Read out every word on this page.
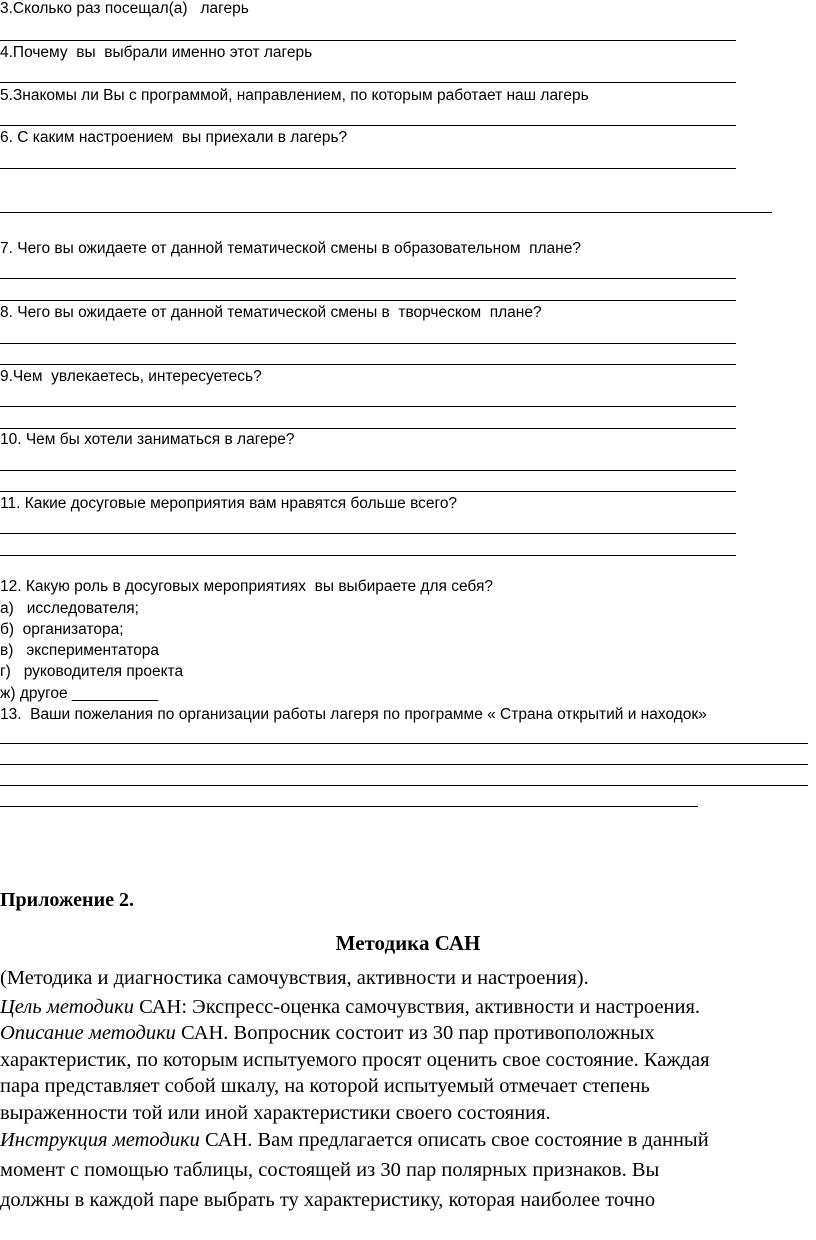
3.Сколько раз посещал(а)   лагерь

4.Почему  вы  выбрали именно этот лагерь

5.Знакомы ли Вы с программой, направлением, по которым работает наш лагерь

6. С каким настроением  вы приехали в лагерь?

7. Чего вы ожидаете от данной тематической смены в образовательном  плане?

8. Чего вы ожидаете от данной тематической смены в  творческом  плане?

9.Чем  увлекаетесь, интересуетесь?

10. Чем бы хотели заниматься в лагере?

11. Какие досуговые мероприятия вам нравятся больше всего?

12. Какую роль в досуговых мероприятиях  вы выбираете для себя?

а)   исследователя;

б)  организатора;

в)   экспериментатора

г)   руководителя проекта

ж) другое __________

13.  Ваши пожелания по организации работы лагеря по программе « Страна открытий и находок»

Приложение 2.

Методика САН

(Методика и диагностика самочувствия, активности и настроения).

Цель методики САН: Экспресс-оценка самочувствия, активности и настроения.

Описание методики САН. Вопросник состоит из 30 пар противоположных

характеристик, по которым испытуемого просят оценить свое состояние. Каждая

пара представляет собой шкалу, на которой испытуемый отмечает степень

выраженности той или иной характеристики своего состояния.

Инструкция методики САН. Вам предлагается описать свое состояние в данный

момент с помощью таблицы, состоящей из 30 пар полярных признаков. Вы

должны в каждой паре выбрать ту характеристику, которая наиболее точно
